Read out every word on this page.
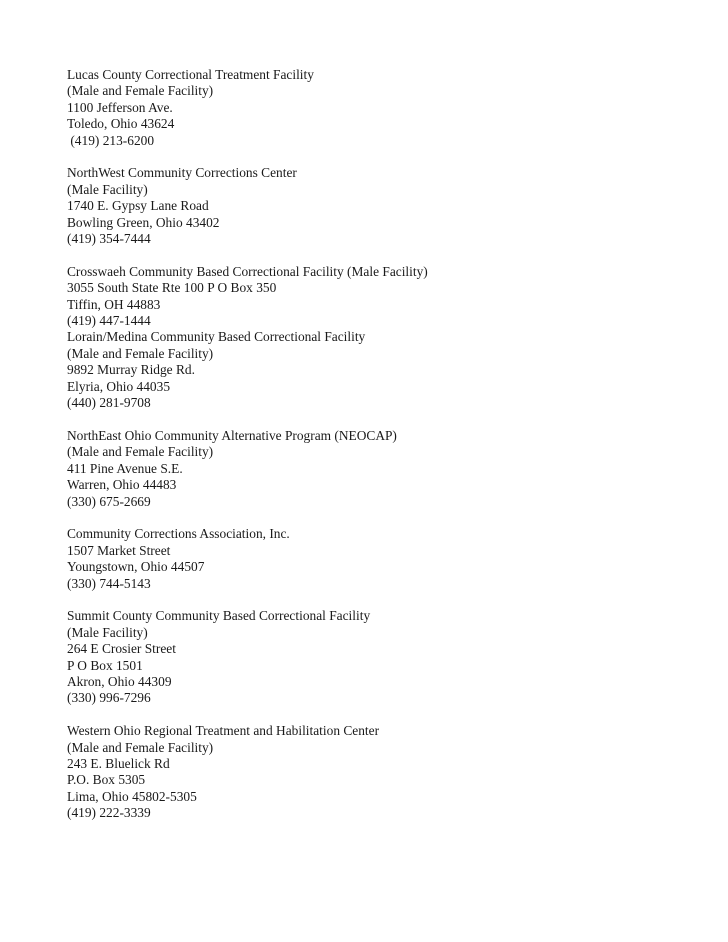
Lucas County Correctional Treatment Facility
(Male and Female Facility)
1100 Jefferson Ave.
Toledo, Ohio 43624
(419) 213-6200
NorthWest Community Corrections Center
(Male Facility)
1740 E. Gypsy Lane Road
Bowling Green, Ohio 43402
(419) 354-7444
Crosswaeh Community Based Correctional Facility (Male Facility)
3055 South State Rte 100 P O Box 350
Tiffin, OH 44883
(419) 447-1444
Lorain/Medina Community Based Correctional Facility
(Male and Female Facility)
9892 Murray Ridge Rd.
Elyria, Ohio 44035
(440) 281-9708
NorthEast Ohio Community Alternative Program (NEOCAP)
(Male and Female Facility)
411 Pine Avenue S.E.
Warren, Ohio 44483
(330) 675-2669
Community Corrections Association, Inc.
1507 Market Street
Youngstown, Ohio 44507
(330) 744-5143
Summit County Community Based Correctional Facility
(Male Facility)
264 E Crosier Street
P O Box 1501
Akron, Ohio 44309
(330) 996-7296
Western Ohio Regional Treatment and Habilitation Center
(Male and Female Facility)
243 E. Bluelick Rd
P.O. Box 5305
Lima, Ohio 45802-5305
(419) 222-3339
